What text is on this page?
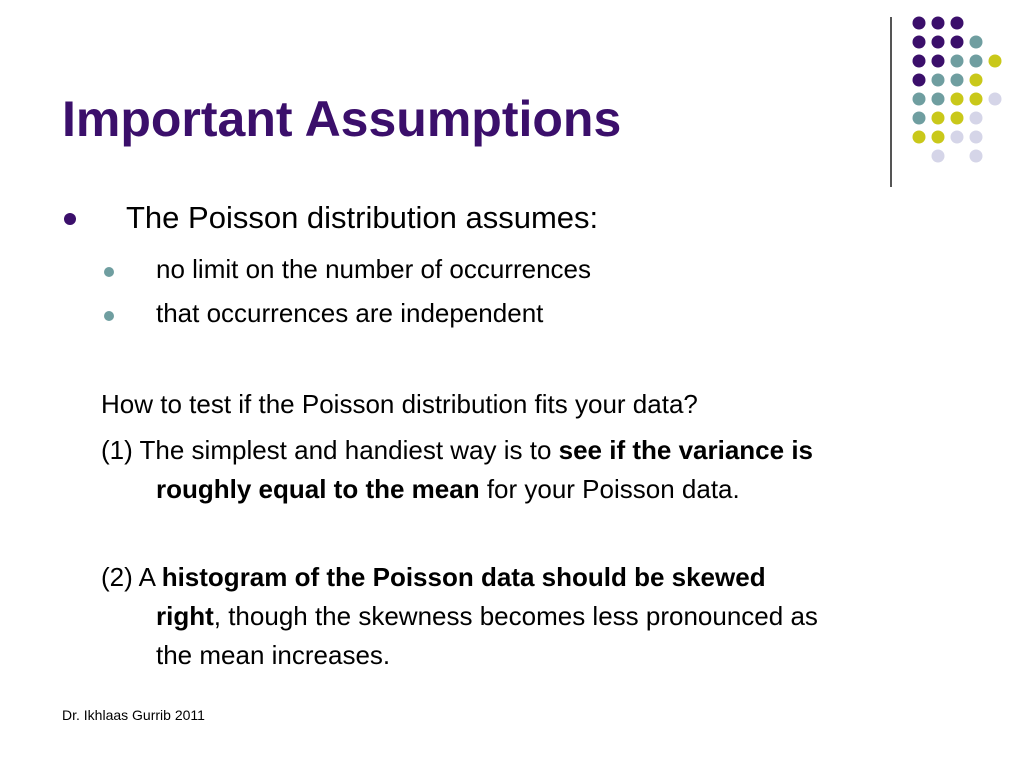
Important Assumptions
The Poisson distribution assumes:
no limit on the number of occurrences
that occurrences are independent
How to test if the Poisson distribution fits your data?
(1) The simplest and handiest way is to see if the variance is
roughly equal to the mean for your Poisson data.
(2) A histogram of the Poisson data should be skewed
right, though the skewness becomes less pronounced as
the mean increases.
Dr. Ikhlaas Gurrib 2011
